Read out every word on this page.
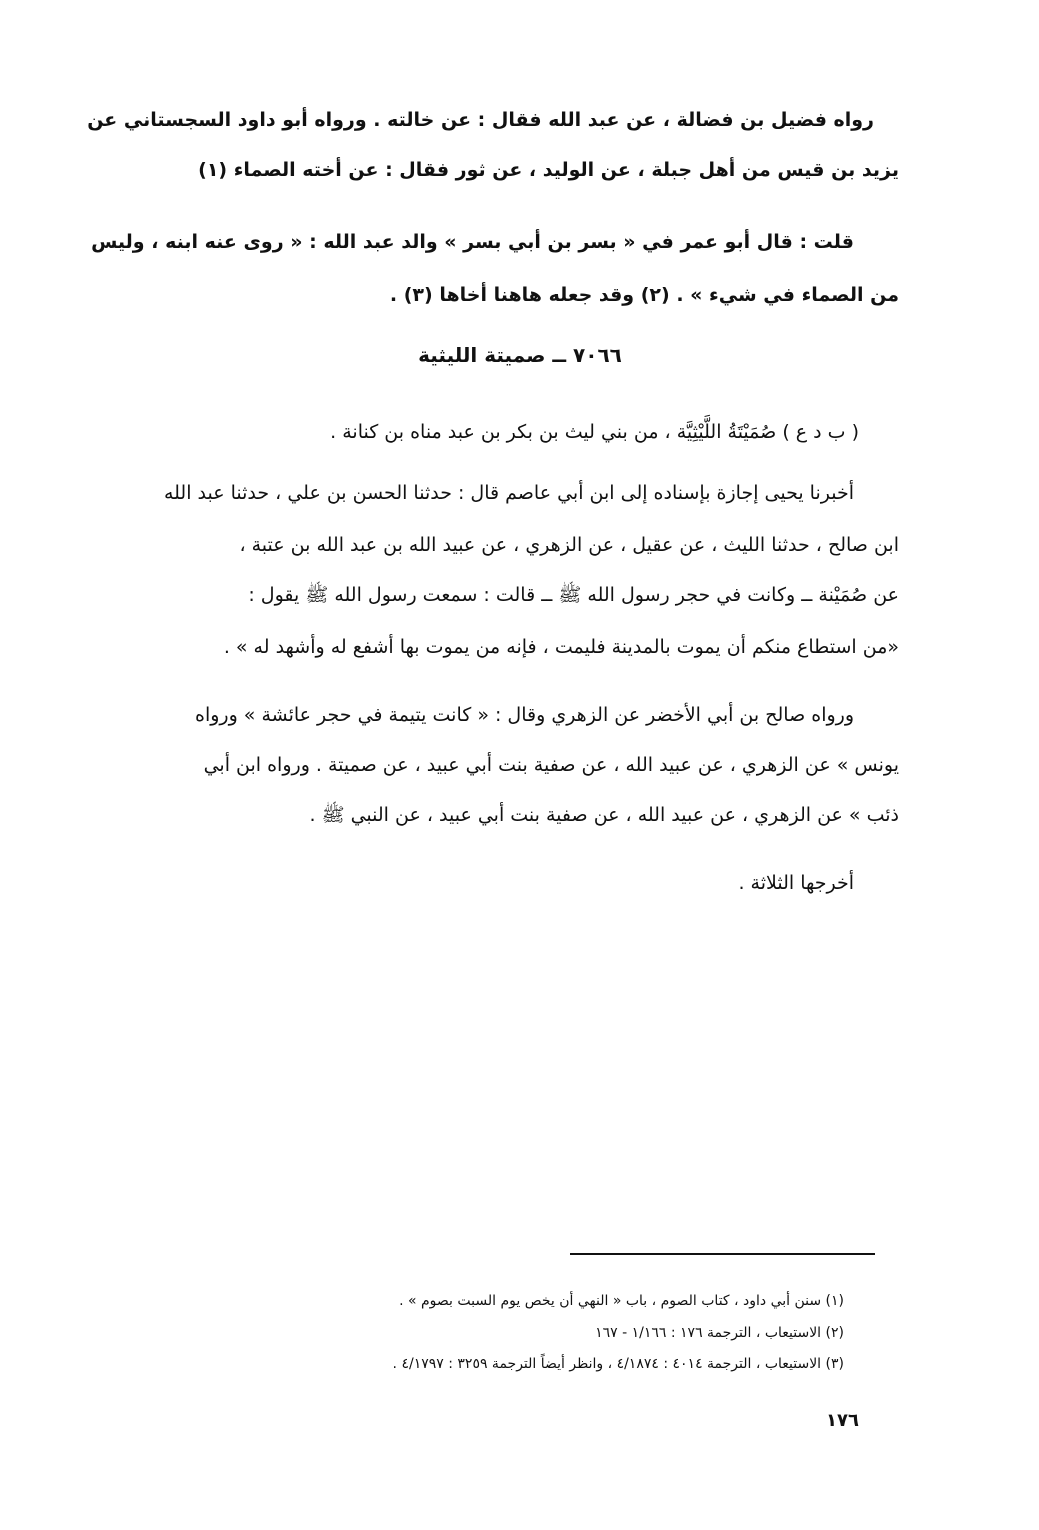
رواه فضيل بن فضالة ، عن عبد الله فقال : عن خالته . ورواه أبو داود السجستاني عن
يزيد بن قيس من أهل جبلة ، عن الوليد ، عن ثور فقال : عن أخته الصماء (١)
قلت : قال أبو عمر في « بسر بن أبي بسر » والد عبد الله : « روى عنه ابنه ، وليس
من الصماء في شيء » . (٢) وقد جعله هاهنا أخاها (٣) .
٧٠٦٦ ــ صميتة الليثية
( ب د ع ) صُمَيْتَةُ اللَّيْثِيَّة ، من بني ليث بن بكر بن عبد مناه بن كنانة .
أخبرنا يحيى إجازة بإسناده إلى ابن أبي عاصم قال : حدثنا الحسن بن علي ، حدثنا عبد الله
ابن صالح ، حدثنا الليث ، عن عقيل ، عن الزهري ، عن عبيد الله بن عبد الله بن عتبة ،
عن صُمَيْنة ــ وكانت في حجر رسول الله ﷺ ــ قالت : سمعت رسول الله ﷺ يقول :
«من استطاع منكم أن يموت بالمدينة فليمت ، فإنه من يموت بها أشفع له وأشهد له » .
ورواه صالح بن أبي الأخضر عن الزهري وقال : « كانت يتيمة في حجر عائشة » ورواه
يونس » عن الزهري ، عن عبيد الله ، عن صفية بنت أبي عبيد ، عن صميتة . ورواه ابن أبي
ذئب » عن الزهري ، عن عبيد الله ، عن صفية بنت أبي عبيد ، عن النبي ﷺ .
أخرجها الثلاثة .
(١) سنن أبي داود ، كتاب الصوم ، باب « النهي أن يخص يوم السبت بصوم » .
(٢) الاستيعاب ، الترجمة ١٧٦ : ١/١٦٦ - ١٦٧
(٣) الاستيعاب ، الترجمة ٤٠١٤ : ٤/١٨٧٤ ، وانظر أيضاً الترجمة ٣٢٥٩ : ٤/١٧٩٧ .
١٧٦
